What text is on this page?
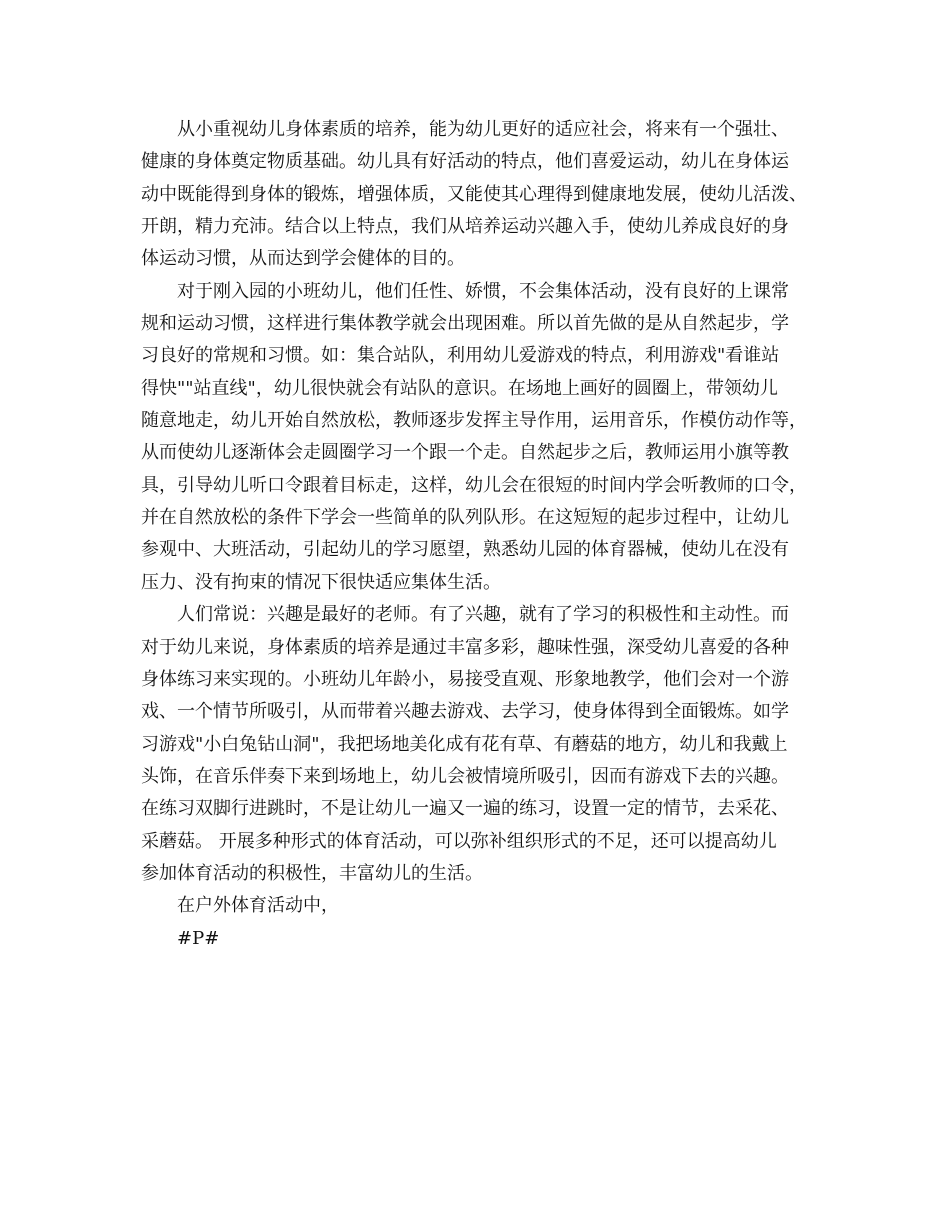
从小重视幼儿身体素质的培养，能为幼儿更好的适应社会，将来有一个强壮、
健康的身体奠定物质基础。幼儿具有好活动的特点，他们喜爱运动，幼儿在身体运
动中既能得到身体的锻炼，增强体质，又能使其心理得到健康地发展，使幼儿活泼、
开朗，精力充沛。结合以上特点，我们从培养运动兴趣入手，使幼儿养成良好的身
体运动习惯，从而达到学会健体的目的。
对于刚入园的小班幼儿，他们任性、娇惯，不会集体活动，没有良好的上课常
规和运动习惯，这样进行集体教学就会出现困难。所以首先做的是从自然起步，学
习良好的常规和习惯。如：集合站队，利用幼儿爱游戏的特点，利用游戏"看谁站
得快""站直线"，幼儿很快就会有站队的意识。在场地上画好的圆圈上，带领幼儿
随意地走，幼儿开始自然放松，教师逐步发挥主导作用，运用音乐，作模仿动作等，
从而使幼儿逐渐体会走圆圈学习一个跟一个走。自然起步之后，教师运用小旗等教
具，引导幼儿听口令跟着目标走，这样，幼儿会在很短的时间内学会听教师的口令，
并在自然放松的条件下学会一些简单的队列队形。在这短短的起步过程中，让幼儿
参观中、大班活动，引起幼儿的学习愿望，熟悉幼儿园的体育器械，使幼儿在没有
压力、没有拘束的情况下很快适应集体生活。
人们常说：兴趣是最好的老师。有了兴趣，就有了学习的积极性和主动性。而
对于幼儿来说，身体素质的培养是通过丰富多彩，趣味性强，深受幼儿喜爱的各种
身体练习来实现的。小班幼儿年龄小，易接受直观、形象地教学，他们会对一个游
戏、一个情节所吸引，从而带着兴趣去游戏、去学习，使身体得到全面锻炼。如学
习游戏"小白兔钻山洞"，我把场地美化成有花有草、有蘑菇的地方，幼儿和我戴上
头饰，在音乐伴奏下来到场地上，幼儿会被情境所吸引，因而有游戏下去的兴趣。
在练习双脚行进跳时，不是让幼儿一遍又一遍的练习，设置一定的情节，去采花、
采蘑菇。 开展多种形式的体育活动，可以弥补组织形式的不足，还可以提高幼儿
参加体育活动的积极性，丰富幼儿的生活。
在户外体育活动中，
#P#
